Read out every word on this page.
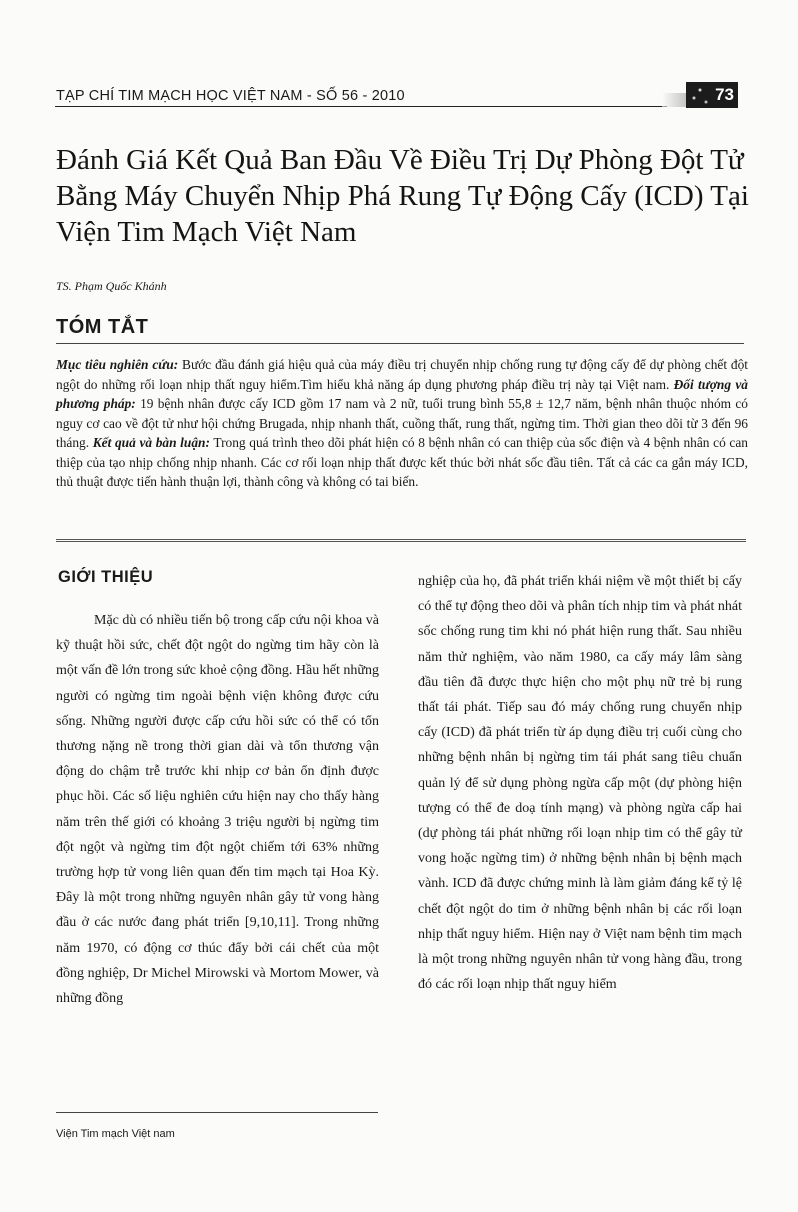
TẠP CHÍ TIM MẠCH HỌC VIỆT NAM - SỐ 56 - 2010	73
Đánh Giá Kết Quả Ban Đầu Về Điều Trị Dự Phòng Đột Tử Bằng Máy Chuyển Nhịp Phá Rung Tự Động Cấy (ICD) Tại Viện Tim Mạch Việt Nam
TS. Phạm Quốc Khánh
TÓM TẮT

Mục tiêu nghiên cứu: Bước đầu đánh giá hiệu quả của máy điều trị chuyển nhịp chống rung tự động cấy để dự phòng chết đột ngột do những rối loạn nhịp thất nguy hiểm.Tìm hiểu khả năng áp dụng phương pháp điều trị này tại Việt nam. Đối tượng và phương pháp: 19 bệnh nhân được cấy ICD gồm 17 nam và 2 nữ, tuổi trung bình 55,8 ± 12,7 năm, bệnh nhân thuộc nhóm có nguy cơ cao về đột tử như hội chứng Brugada, nhịp nhanh thất, cuồng thất, rung thất, ngừng tim. Thời gian theo dõi từ 3 đến 96 tháng. Kết quả và bàn luận: Trong quá trình theo dõi phát hiện có 8 bệnh nhân có can thiệp của sốc điện và 4 bệnh nhân có can thiệp của tạo nhịp chống nhịp nhanh. Các cơ rối loạn nhịp thất được kết thúc bởi nhát sốc đầu tiên. Tất cả các ca gắn máy ICD, thủ thuật được tiến hành thuận lợi, thành công và không có tai biến.

GIỚI THIỆU

Mặc dù có nhiều tiến bộ trong cấp cứu nội khoa và kỹ thuật hồi sức, chết đột ngột do ngừng tim hãy còn là một vấn đề lớn trong sức khoẻ cộng đồng. Hầu hết những người có ngừng tim ngoài bệnh viện không được cứu sống. Những người được cấp cứu hồi sức có thể có tổn thương nặng nề trong thời gian dài và tổn thương vận động do chậm trễ trước khi nhịp cơ bản ổn định được phục hồi. Các số liệu nghiên cứu hiện nay cho thấy hàng năm trên thế giới có khoảng 3 triệu người bị ngừng tim đột ngột và ngừng tim đột ngột chiếm tới 63% những trường hợp tử vong liên quan đến tim mạch tại Hoa Kỳ. Đây là một trong những nguyên nhân gây tử vong hàng đầu ở các nước đang phát triển [9,10,11]. Trong những năm 1970, có động cơ thúc đẩy bởi cái chết của một đồng nghiệp, Dr Michel Mirowski và Mortom Mower, và những đồng

nghiệp của họ, đã phát triển khái niệm về một thiết bị cấy có thể tự động theo dõi và phân tích nhịp tim và phát nhát sốc chống rung tim khi nó phát hiện rung thất. Sau nhiều năm thử nghiệm, vào năm 1980, ca cấy máy lâm sàng đầu tiên đã được thực hiện cho một phụ nữ trẻ bị rung thất tái phát. Tiếp sau đó máy chống rung chuyển nhịp cấy (ICD) đã phát triển từ áp dụng điều trị cuối cùng cho những bệnh nhân bị ngừng tim tái phát sang tiêu chuẩn quản lý để sử dụng phòng ngừa cấp một (dự phòng hiện tượng có thể đe doạ tính mạng) và phòng ngừa cấp hai (dự phòng tái phát những rối loạn nhịp tim có thể gây tử vong hoặc ngừng tim) ở những bệnh nhân bị bệnh mạch vành. ICD đã được chứng minh là làm giảm đáng kể tỷ lệ chết đột ngột do tim ở những bệnh nhân bị các rối loạn nhịp thất nguy hiểm. Hiện nay ở Việt nam bệnh tim mạch là một trong những nguyên nhân tử vong hàng đầu, trong đó các rối loạn nhịp thất nguy hiểm

Viện Tim mạch Việt nam
